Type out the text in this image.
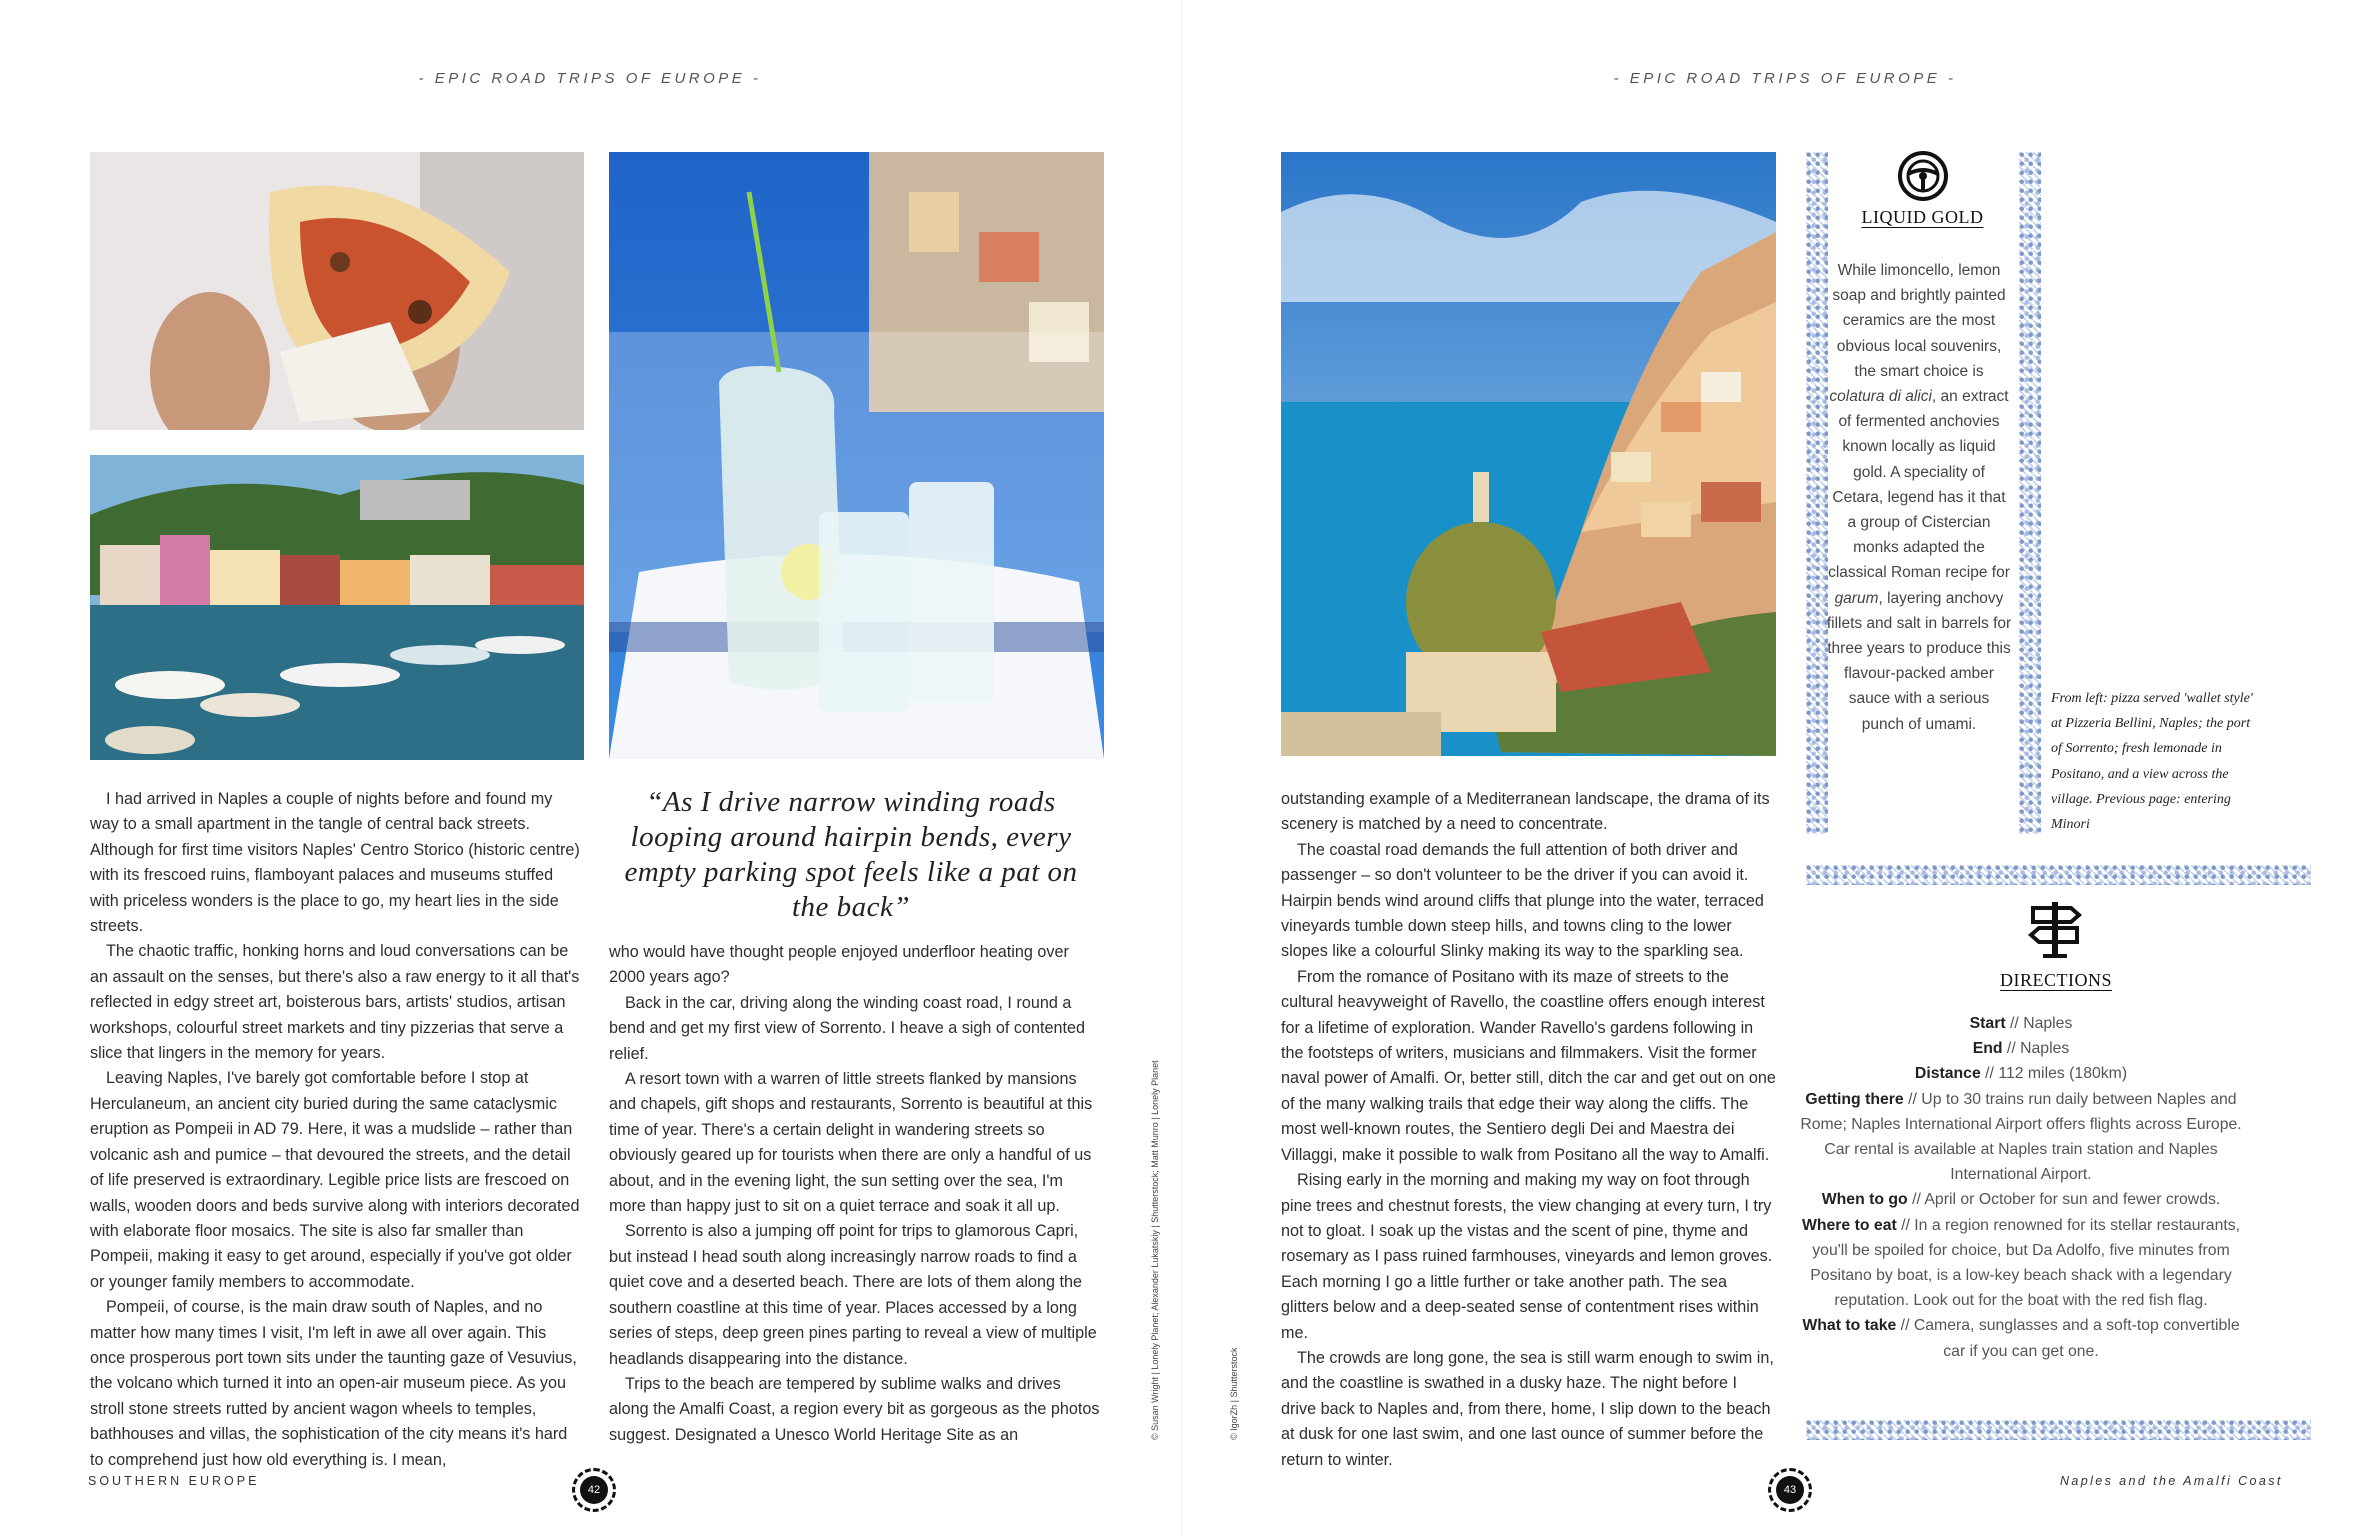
- EPIC ROAD TRIPS OF EUROPE -	- EPIC ROAD TRIPS OF EUROPE -

I had arrived in Naples a couple of nights before and found my way to a small apartment in the tangle of central back streets. Although for first time visitors Naples' Centro Storico (historic centre) with its frescoed ruins, flamboyant palaces and museums stuffed with priceless wonders is the place to go, my heart lies in the side streets.

The chaotic traffic, honking horns and loud conversations can be an assault on the senses, but there's also a raw energy to it all that's reflected in edgy street art, boisterous bars, artists' studios, artisan workshops, colourful street markets and tiny pizzerias that serve a slice that lingers in the memory for years.

Leaving Naples, I've barely got comfortable before I stop at Herculaneum, an ancient city buried during the same cataclysmic eruption as Pompeii in AD 79. Here, it was a mudslide – rather than volcanic ash and pumice – that devoured the streets, and the detail of life preserved is extraordinary. Legible price lists are frescoed on walls, wooden doors and beds survive along with interiors decorated with elaborate floor mosaics. The site is also far smaller than Pompeii, making it easy to get around, especially if you've got older or younger family members to accommodate.

Pompeii, of course, is the main draw south of Naples, and no matter how many times I visit, I'm left in awe all over again. This once prosperous port town sits under the taunting gaze of Vesuvius, the volcano which turned it into an open-air museum piece. As you stroll stone streets rutted by ancient wagon wheels to temples, bathhouses and villas, the sophistication of the city means it's hard to comprehend just how old everything is. I mean,

“As I drive narrow winding roads looping around hairpin bends, every empty parking spot feels like a pat on the back”

who would have thought people enjoyed underfloor heating over 2000 years ago?

Back in the car, driving along the winding coast road, I round a bend and get my first view of Sorrento. I heave a sigh of contented relief.

A resort town with a warren of little streets flanked by mansions and chapels, gift shops and restaurants, Sorrento is beautiful at this time of year. There's a certain delight in wandering streets so obviously geared up for tourists when there are only a handful of us about, and in the evening light, the sun setting over the sea, I'm more than happy just to sit on a quiet terrace and soak it all up.

Sorrento is also a jumping off point for trips to glamorous Capri, but instead I head south along increasingly narrow roads to find a quiet cove and a deserted beach. There are lots of them along the southern coastline at this time of year. Places accessed by a long series of steps, deep green pines parting to reveal a view of multiple headlands disappearing into the distance.

Trips to the beach are tempered by sublime walks and drives along the Amalfi Coast, a region every bit as gorgeous as the photos suggest. Designated a Unesco World Heritage Site as an	© Susan Wright | Lonely Planet; Alexander Lukatskiy | Shutterstock; Matt Munro | Lonely Planet	© IgorZh | Shutterstock
SOUTHERN EUROPE
42

outstanding example of a Mediterranean landscape, the drama of its scenery is matched by a need to concentrate.

The coastal road demands the full attention of both driver and passenger – so don't volunteer to be the driver if you can avoid it. Hairpin bends wind around cliffs that plunge into the water, terraced vineyards tumble down steep hills, and towns cling to the lower slopes like a colourful Slinky making its way to the sparkling sea.

From the romance of Positano with its maze of streets to the cultural heavyweight of Ravello, the coastline offers enough interest for a lifetime of exploration. Wander Ravello's gardens following in the footsteps of writers, musicians and filmmakers. Visit the former naval power of Amalfi. Or, better still, ditch the car and get out on one of the many walking trails that edge their way along the cliffs. The most well-known routes, the Sentiero degli Dei and Maestra dei Villaggi, make it possible to walk from Positano all the way to Amalfi.

Rising early in the morning and making my way on foot through pine trees and chestnut forests, the view changing at every turn, I try not to gloat. I soak up the vistas and the scent of pine, thyme and rosemary as I pass ruined farmhouses, vineyards and lemon groves. Each morning I go a little further or take another path. The sea glitters below and a deep-seated sense of contentment rises within me.

The crowds are long gone, the sea is still warm enough to swim in, and the coastline is swathed in a dusky haze. The night before I drive back to Naples and, from there, home, I slip down to the beach at dusk for one last swim, and one last ounce of summer before the return to winter.

LIQUID GOLD
While limoncello, lemon soap and brightly painted ceramics are the most obvious local souvenirs, the smart choice is colatura di alici, an extract of fermented anchovies known locally as liquid gold. A speciality of Cetara, legend has it that a group of Cistercian monks adapted the classical Roman recipe for garum, layering anchovy fillets and salt in barrels for three years to produce this flavour-packed amber sauce with a serious punch of umami.
From left: pizza served 'wallet style' at Pizzeria Bellini, Naples; the port of Sorrento; fresh lemonade in Positano, and a view across the village. Previous page: entering Minori
DIRECTIONS
Start // Naples
End // Naples
Distance // 112 miles (180km)
Getting there // Up to 30 trains run daily between Naples and Rome; Naples International Airport offers flights across Europe. Car rental is available at Naples train station and Naples International Airport.
When to go // April or October for sun and fewer crowds.
Where to eat // In a region renowned for its stellar restaurants, you'll be spoiled for choice, but Da Adolfo, five minutes from Positano by boat, is a low-key beach shack with a legendary reputation. Look out for the boat with the red fish flag.
What to take // Camera, sunglasses and a soft-top convertible car if you can get one.
43
Naples and the Amalfi Coast
